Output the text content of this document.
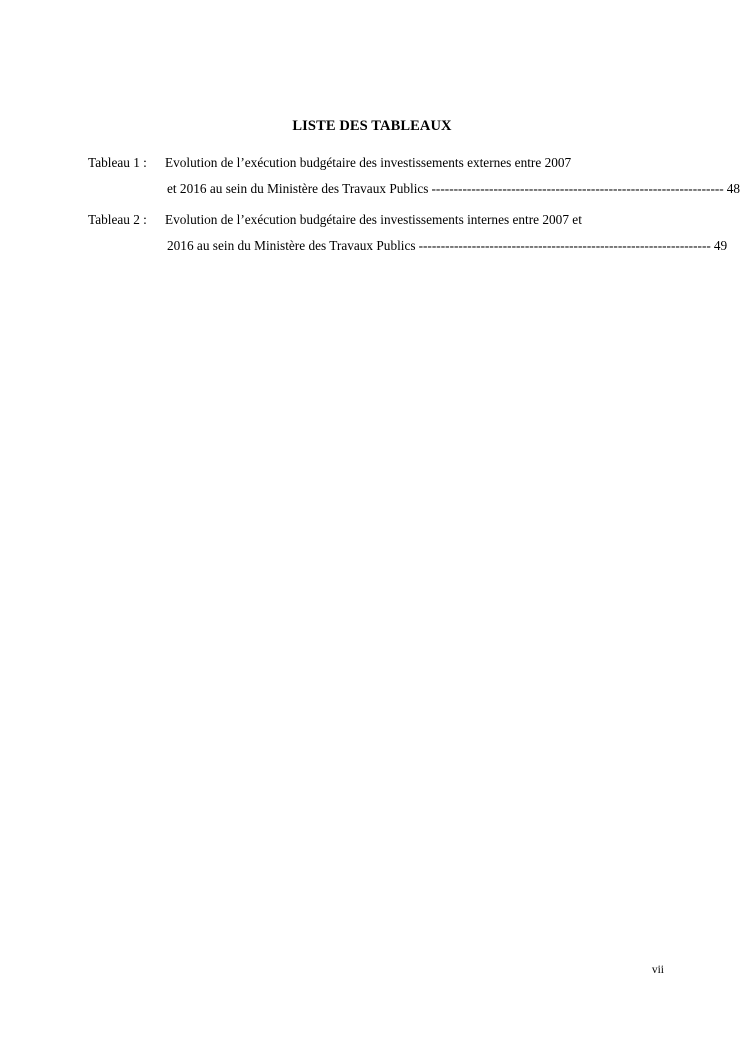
LISTE DES TABLEAUX
Tableau 1 : Evolution de l’exécution budgétaire des investissements externes entre 2007
et 2016 au sein du Ministère des Travaux Publics ------------------------------------------------------------------ 48
Tableau 2 : Evolution de l’exécution budgétaire des investissements internes entre 2007 et
2016 au sein du Ministère des Travaux Publics ------------------------------------------------------------------ 49
vii
